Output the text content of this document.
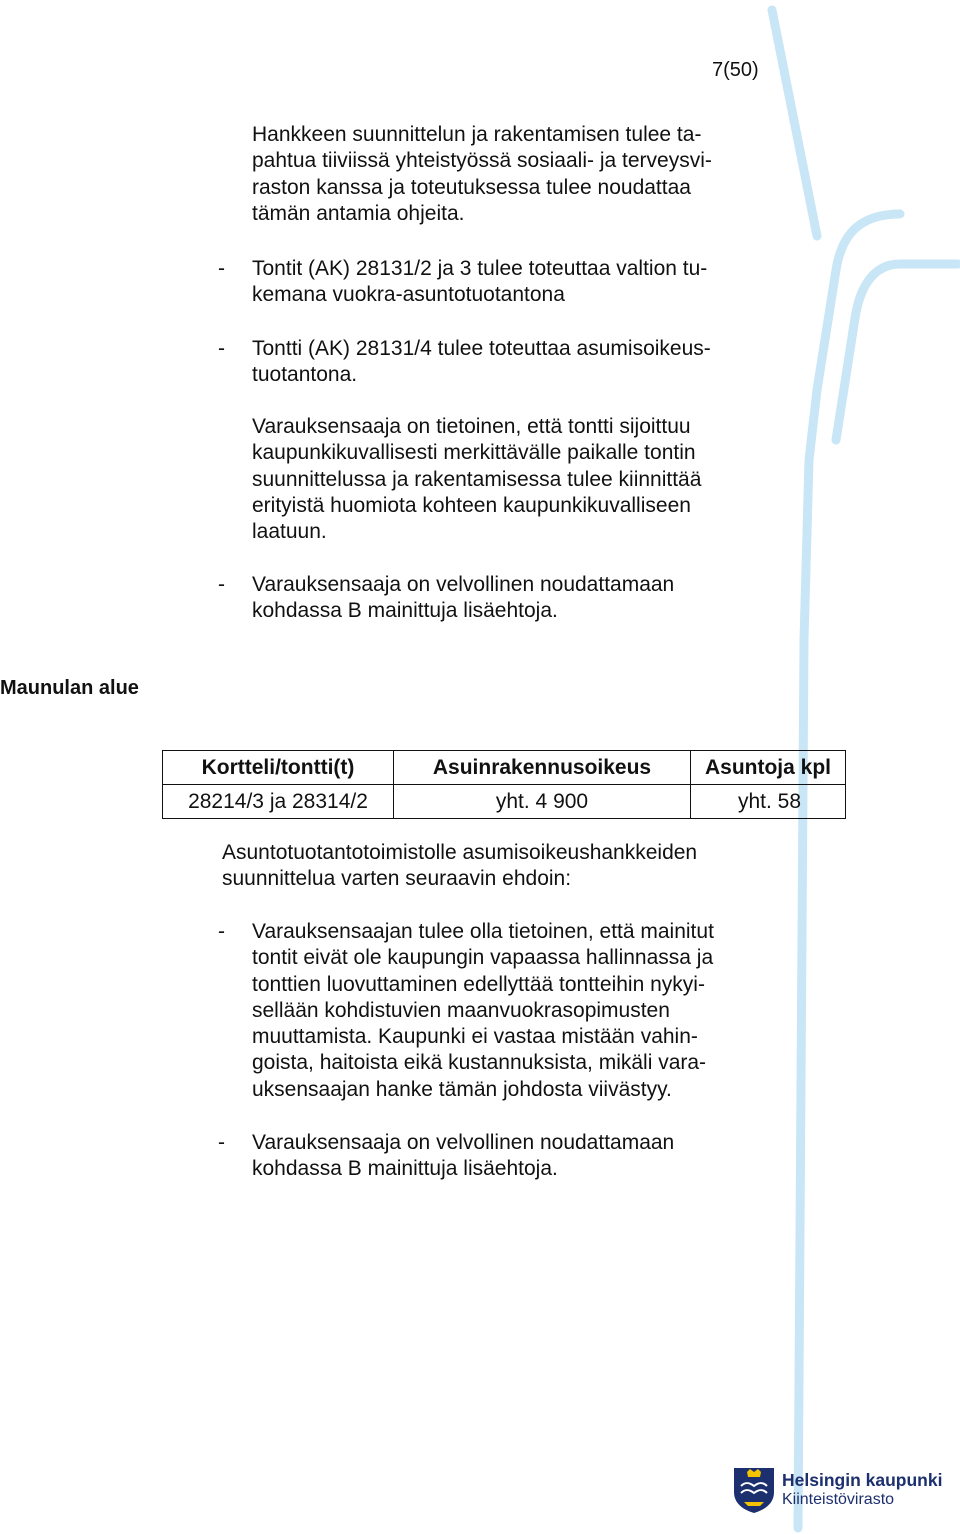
7(50)
Hankkeen suunnittelun ja rakentamisen tulee ta-
pahtua tiiviissä yhteistyössä sosiaali- ja terveysvi-
raston kanssa ja toteutuksessa tulee noudattaa
tämän antamia ohjeita.
- Tontit (AK) 28131/2 ja 3 tulee toteuttaa valtion tu-
kemana vuokra-asuntotuotantona
- Tontti (AK) 28131/4 tulee toteuttaa asumisoikeus-
tuotantona.
Varauksensaaja on tietoinen, että tontti sijoittuu
kaupunkikuvallisesti merkittävälle paikalle tontin
suunnittelussa ja rakentamisessa tulee kiinnittää
erityistä huomiota kohteen kaupunkikuvalliseen
laatuun.
- Varauksensaaja on velvollinen noudattamaan
kohdassa B mainittuja lisäehtoja.
Maunulan alue
Kortteli/tontti(t)	Asuinrakennusoikeus	Asuntoja kpl
28214/3 ja 28314/2	yht. 4 900	yht. 58
Asuntotuotantotoimistolle asumisoikeushankkeiden
suunnittelua varten seuraavin ehdoin:
- Varauksensaajan tulee olla tietoinen, että mainitut
tontit eivät ole kaupungin vapaassa hallinnassa ja
tonttien luovuttaminen edellyttää tontteihin nykyi-
sellään kohdistuvien maanvuokrasopimusten
muuttamista. Kaupunki ei vastaa mistään vahin-
goista, haitoista eikä kustannuksista, mikäli vara-
uksensaajan hanke tämän johdosta viivästyy.
- Varauksensaaja on velvollinen noudattamaan
kohdassa B mainittuja lisäehtoja.
Helsingin kaupunki
Kiinteistövirasto
